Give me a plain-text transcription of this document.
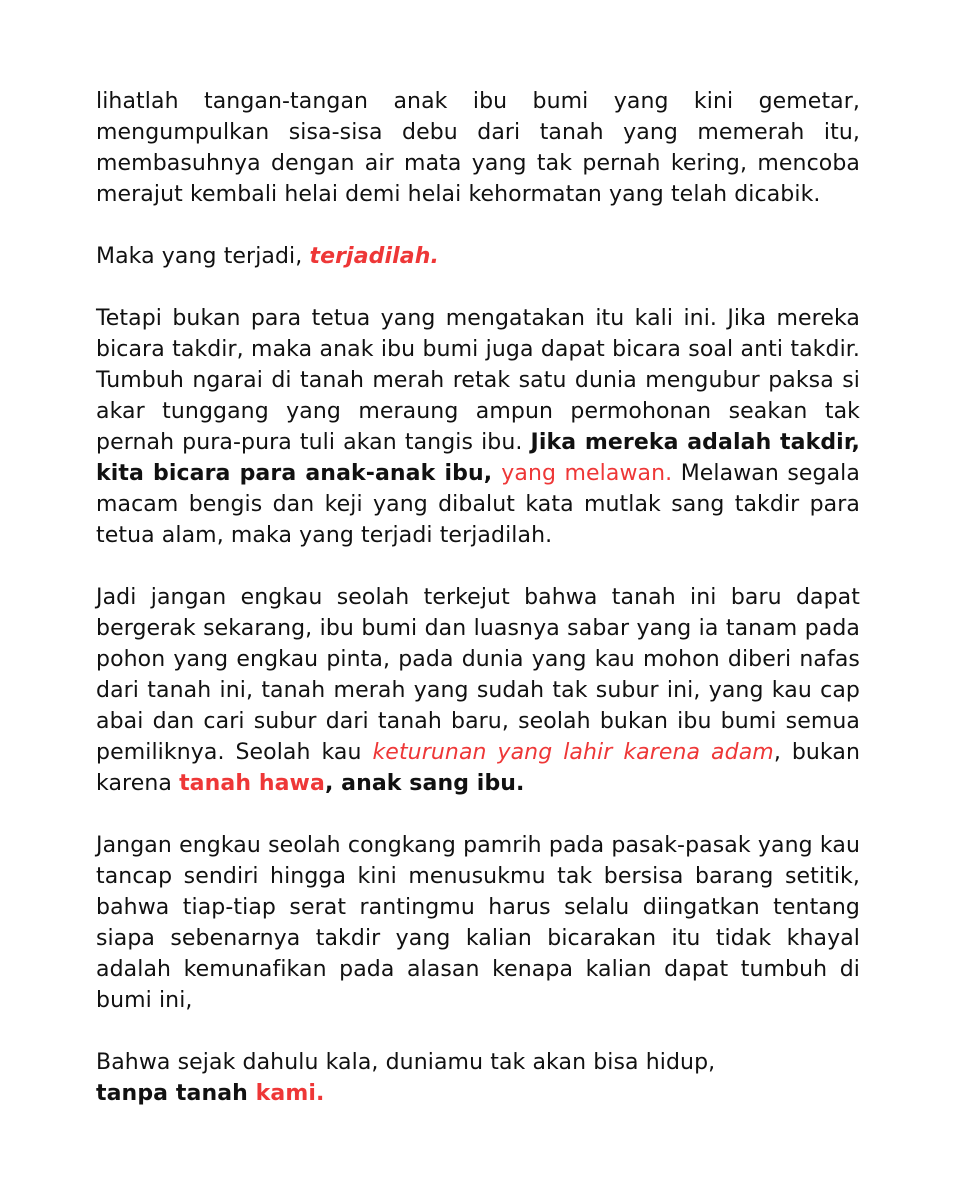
lihatlah tangan-tangan anak ibu bumi yang kini gemetar, mengumpulkan sisa-sisa debu dari tanah yang memerah itu, membasuhnya dengan air mata yang tak pernah kering, mencoba merajut kembali helai demi helai kehormatan yang telah dicabik.

Maka yang terjadi, terjadilah.

Tetapi bukan para tetua yang mengatakan itu kali ini. Jika mereka bicara takdir, maka anak ibu bumi juga dapat bicara soal anti takdir. Tumbuh ngarai di tanah merah retak satu dunia mengubur paksa si akar tunggang yang meraung ampun permohonan seakan tak pernah pura-pura tuli akan tangis ibu. Jika mereka adalah takdir, kita bicara para anak-anak ibu, yang melawan. Melawan segala macam bengis dan keji yang dibalut kata mutlak sang takdir para tetua alam, maka yang terjadi terjadilah.

Jadi jangan engkau seolah terkejut bahwa tanah ini baru dapat bergerak sekarang, ibu bumi dan luasnya sabar yang ia tanam pada pohon yang engkau pinta, pada dunia yang kau mohon diberi nafas dari tanah ini, tanah merah yang sudah tak subur ini, yang kau cap abai dan cari subur dari tanah baru, seolah bukan ibu bumi semua pemiliknya. Seolah kau keturunan yang lahir karena adam, bukan karena tanah hawa, anak sang ibu.

Jangan engkau seolah congkang pamrih pada pasak-pasak yang kau tancap sendiri hingga kini menusukmu tak bersisa barang setitik, bahwa tiap-tiap serat rantingmu harus selalu diingatkan tentang siapa sebenarnya takdir yang kalian bicarakan itu tidak khayal adalah kemunafikan pada alasan kenapa kalian dapat tumbuh di bumi ini,

Bahwa sejak dahulu kala, duniamu tak akan bisa hidup,
tanpa tanah kami.
